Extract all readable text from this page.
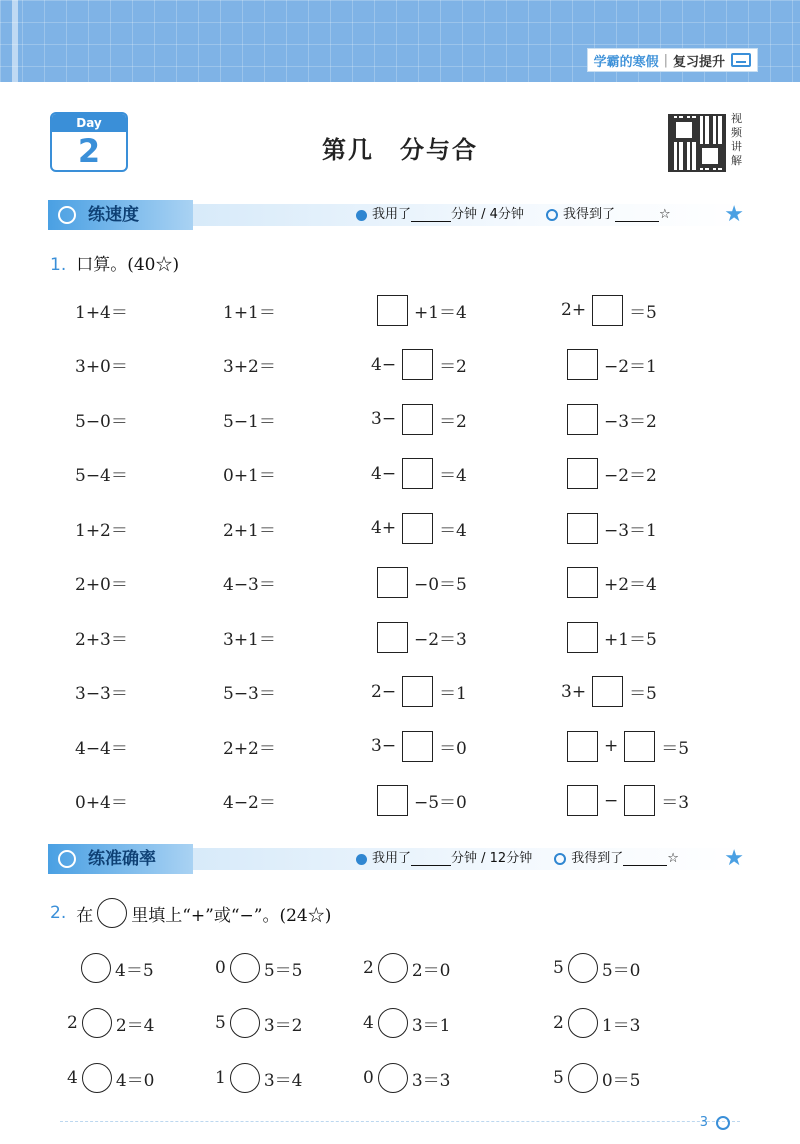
学霸的寒假 | 复习提升
Day
2	第几　分与合
视频讲解
练速度	我用了	分钟 / 4分钟	我得到了	☆ ★
1. 口算。(40☆)
1+4＝	1+1＝	+1＝4	2+	＝5
3+0＝	3+2＝	4−	＝2	−2＝1
5−0＝	5−1＝	3−	＝2	−3＝2
5−4＝	0+1＝	4−	＝4	−2＝2
1+2＝	2+1＝	4+	＝4	−3＝1
2+0＝	4−3＝	−0＝5	+2＝4
2+3＝	3+1＝	−2＝3	+1＝5
3−3＝	5−3＝	2−	＝1	3+	＝5
4−4＝	2+2＝	3−	＝0	+	＝5
0+4＝	4−2＝	−5＝0	−	＝3
练准确率	我用了	分钟 / 12分钟	我得到了	☆ ★
2. 在 里填上“+”或“−”。(24☆)
4＝5	0 5＝5	2 2＝0	5 5＝0
2 2＝4	5 3＝2	4 3＝1	2 1＝3
4 4＝0	1 3＝4	0 3＝3	5 0＝5
3
